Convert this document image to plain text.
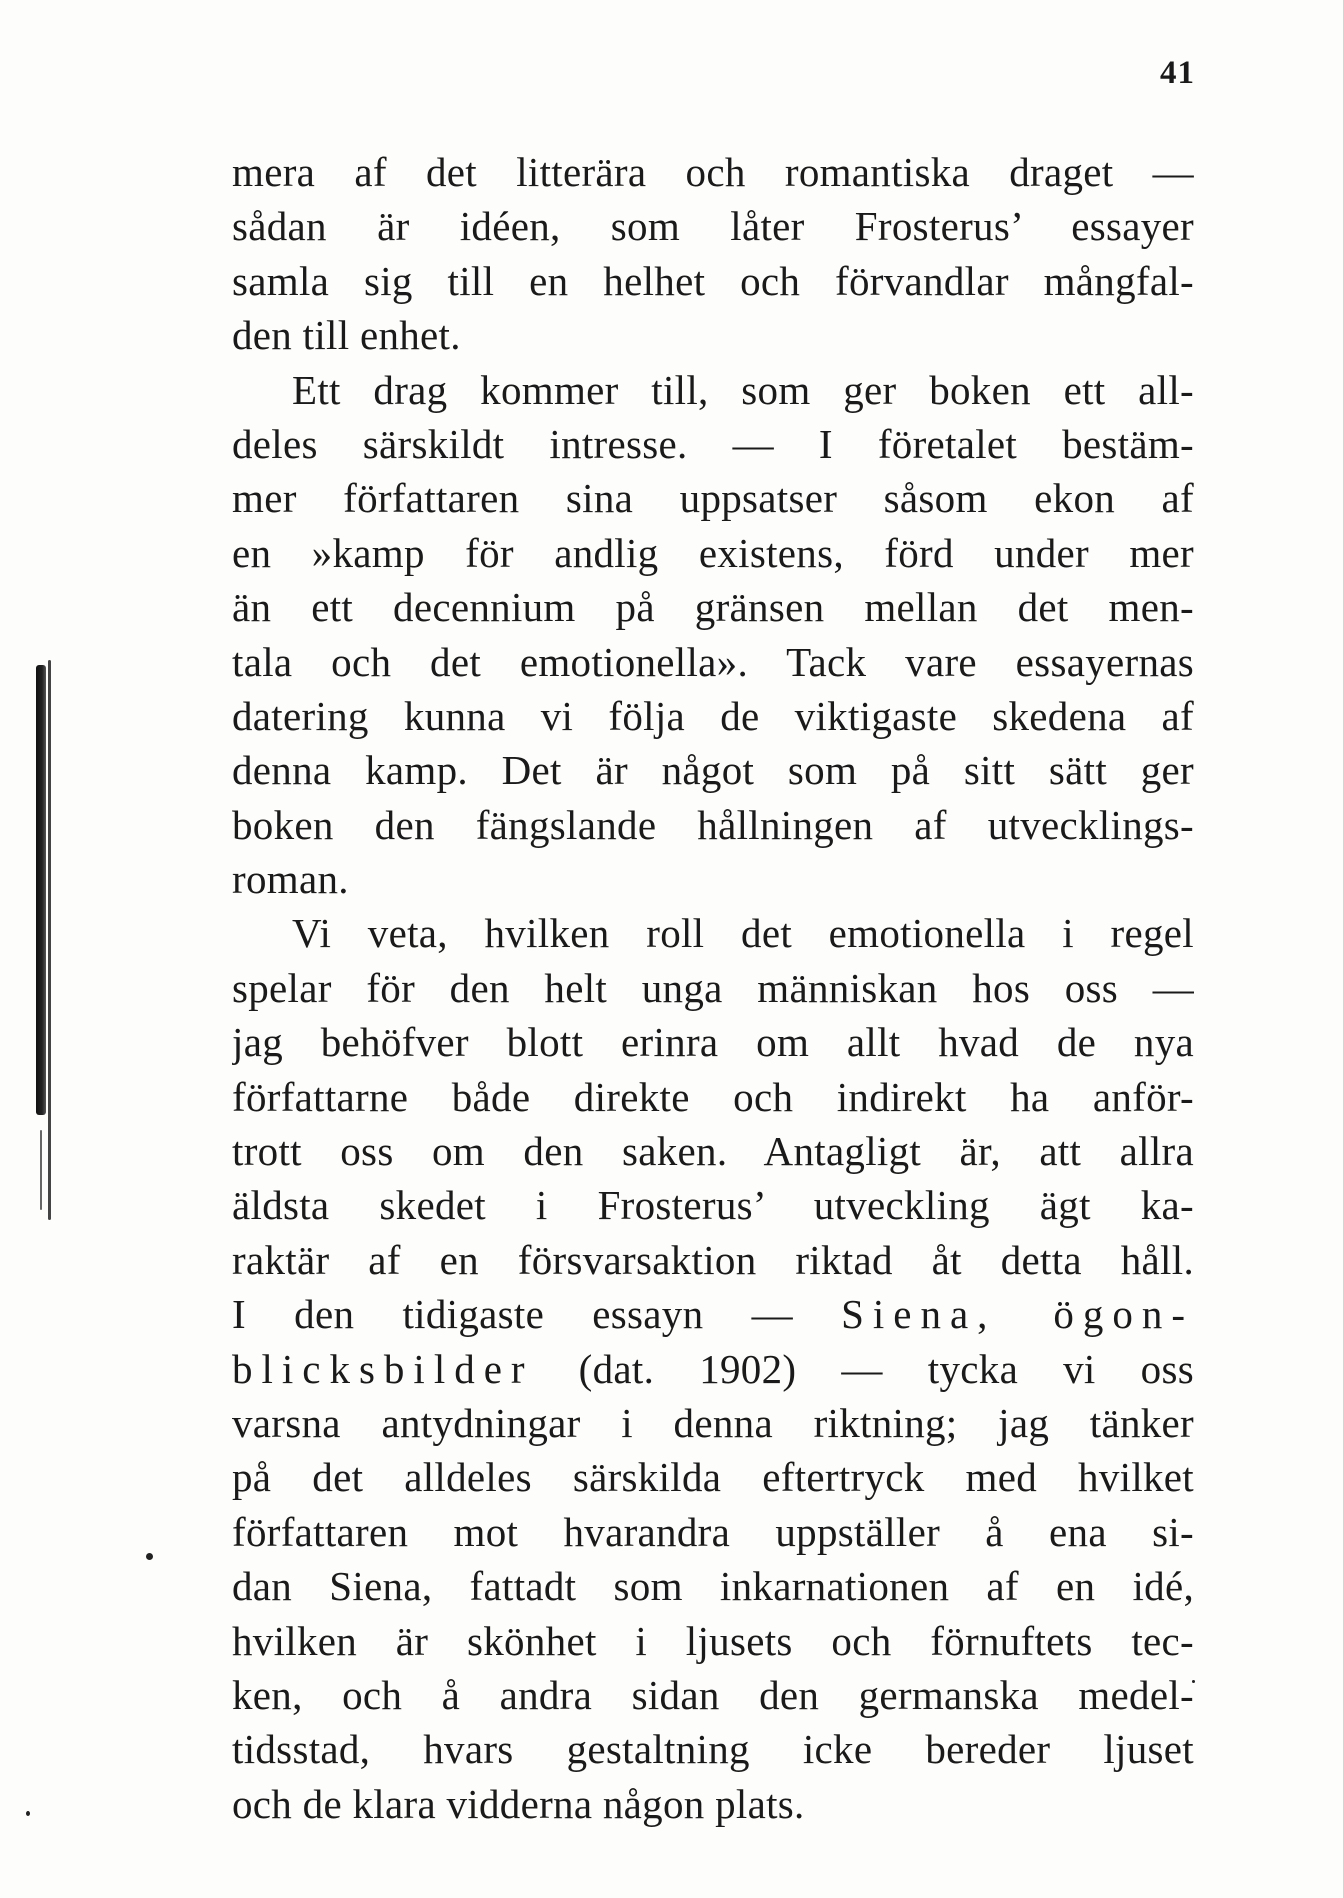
41
mera af det litterära och romantiska draget —
sådan är idéen, som låter Frosterus’ essayer
samla sig till en helhet och förvandlar mångfal-
den till enhet.
Ett drag kommer till, som ger boken ett all-
deles särskildt intresse. — I företalet bestäm-
mer författaren sina uppsatser såsom ekon af
en »kamp för andlig existens, förd under mer
än ett decennium på gränsen mellan det men-
tala och det emotionella». Tack vare essayernas
datering kunna vi följa de viktigaste skedena af
denna kamp. Det är något som på sitt sätt ger
boken den fängslande hållningen af utvecklings-
roman.
Vi veta, hvilken roll det emotionella i regel
spelar för den helt unga människan hos oss —
jag behöfver blott erinra om allt hvad de nya
författarne både direkte och indirekt ha anför-
trott oss om den saken. Antagligt är, att allra
äldsta skedet i Frosterus’ utveckling ägt ka-
raktär af en försvarsaktion riktad åt detta håll.
I den tidigaste essayn — Siena, ögon-
blicksbilder (dat. 1902) — tycka vi oss
varsna antydningar i denna riktning; jag tänker
på det alldeles särskilda eftertryck med hvilket
författaren mot hvarandra uppställer å ena si-
dan Siena, fattadt som inkarnationen af en idé,
hvilken är skönhet i ljusets och förnuftets tec-
ken, och å andra sidan den germanska medel-
tidsstad, hvars gestaltning icke bereder ljuset
och de klara vidderna någon plats.
